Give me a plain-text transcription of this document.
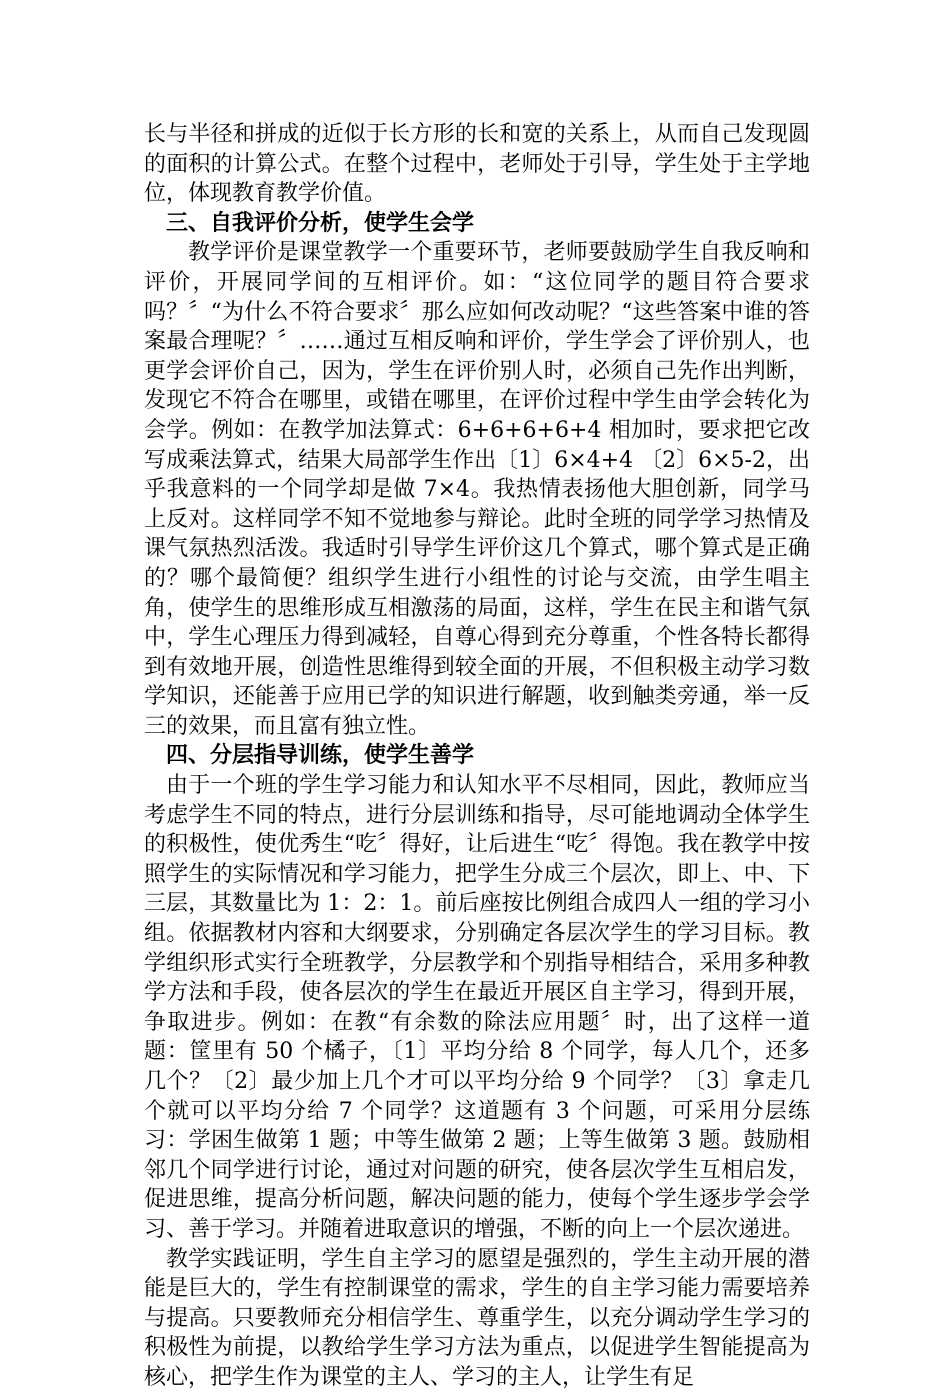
长与半径和拼成的近似于长方形的长和宽的关系上，从而自己发现圆的面积的计算公式。在整个过程中，老师处于引导，学生处于主学地位，体现教育教学价值。

三、自我评价分析，使学生会学

教学评价是课堂教学一个重要环节，老师要鼓励学生自我反响和评价，开展同学间的互相评价。如：“这位同学的题目符合要求吗？〞“为什么不符合要求〞那么应如何改动呢？“这些答案中谁的答案最合理呢？〞……通过互相反响和评价，学生学会了评价别人，也更学会评价自己，因为，学生在评价别人时，必须自己先作出判断，发现它不符合在哪里，或错在哪里，在评价过程中学生由学会转化为会学。例如：在教学加法算式：6+6+6+6+4 相加时，要求把它改写成乘法算式，结果大局部学生作出〔1〕6×4+4 〔2〕6×5-2，出乎我意料的一个同学却是做 7×4。我热情表扬他大胆创新，同学马上反对。这样同学不知不觉地参与辩论。此时全班的同学学习热情及课气氛热烈活泼。我适时引导学生评价这几个算式，哪个算式是正确的？哪个最简便？组织学生进行小组性的讨论与交流，由学生唱主角，使学生的思维形成互相激荡的局面，这样，学生在民主和谐气氛中，学生心理压力得到减轻，自尊心得到充分尊重，个性各特长都得到有效地开展，创造性思维得到较全面的开展，不但积极主动学习数学知识，还能善于应用已学的知识进行解题，收到触类旁通，举一反三的效果，而且富有独立性。

四、分层指导训练，使学生善学

由于一个班的学生学习能力和认知水平不尽相同，因此，教师应当考虑学生不同的特点，进行分层训练和指导，尽可能地调动全体学生的积极性，使优秀生“吃〞得好，让后进生“吃〞得饱。我在教学中按照学生的实际情况和学习能力，把学生分成三个层次，即上、中、下三层，其数量比为 1：2：1。前后座按比例组合成四人一组的学习小组。依据教材内容和大纲要求，分别确定各层次学生的学习目标。教学组织形式实行全班教学，分层教学和个别指导相结合，采用多种教学方法和手段，使各层次的学生在最近开展区自主学习，得到开展，争取进步。例如：在教“有余数的除法应用题〞时，出了这样一道题：筐里有 50 个橘子，〔1〕平均分给 8 个同学，每人几个，还多几个？〔2〕最少加上几个才可以平均分给 9 个同学？〔3〕拿走几个就可以平均分给 7 个同学？这道题有 3 个问题，可采用分层练习：学困生做第 1 题；中等生做第 2 题；上等生做第 3 题。鼓励相邻几个同学进行讨论，通过对问题的研究，使各层次学生互相启发，促进思维，提高分析问题，解决问题的能力，使每个学生逐步学会学习、善于学习。并随着进取意识的增强，不断的向上一个层次递进。

教学实践证明，学生自主学习的愿望是强烈的，学生主动开展的潜能是巨大的，学生有控制课堂的需求，学生的自主学习能力需要培养与提高。只要教师充分相信学生、尊重学生，以充分调动学生学习的积极性为前提，以教给学生学习方法为重点，以促进学生智能提高为核心，把学生作为课堂的主人、学习的主人，让学生有足
